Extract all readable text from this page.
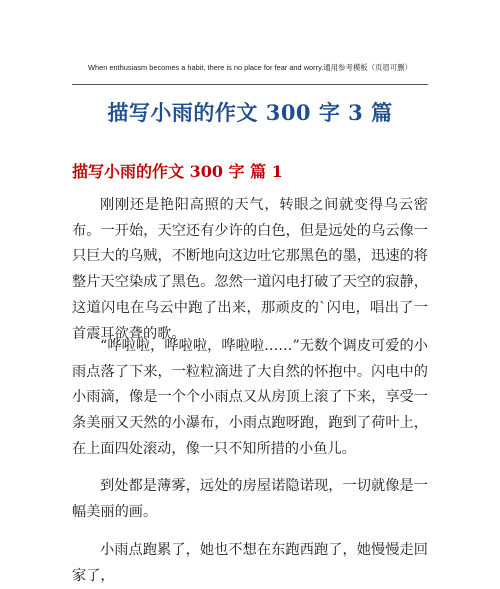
When enthusiasm becomes a habit, there is no place for fear and worry.通用参考模板（页眉可删）
描写小雨的作文 300 字 3 篇
描写小雨的作文 300 字 篇 1
刚刚还是艳阳高照的天气，转眼之间就变得乌云密布。一开始，天空还有少许的白色，但是远处的乌云像一只巨大的乌贼，不断地向这边吐它那黑色的墨，迅速的将整片天空染成了黑色。忽然一道闪电打破了天空的寂静，这道闪电在乌云中跑了出来，那顽皮的`闪电，唱出了一首震耳欲聋的歌。
“哗啦啦，哗啦啦，哗啦啦……”无数个调皮可爱的小雨点落了下来，一粒粒滴进了大自然的怀抱中。闪电中的小雨滴，像是一个个小雨点又从房顶上滚了下来，享受一条美丽又天然的小瀑布，小雨点跑呀跑，跑到了荷叶上，在上面四处滚动，像一只不知所措的小鱼儿。
到处都是薄雾，远处的房屋诺隐诺现，一切就像是一幅美丽的画。
小雨点跑累了，她也不想在东跑西跑了，她慢慢走回家了，
